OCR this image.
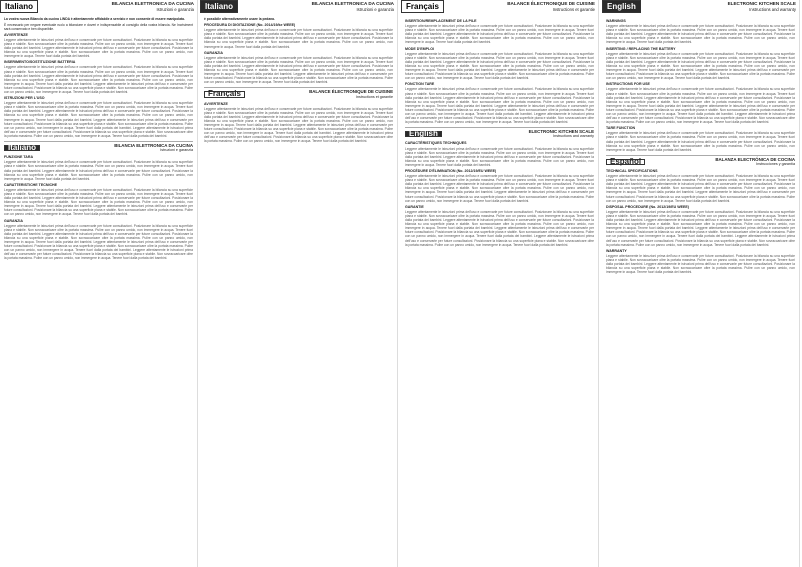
Italiano	BILANCIA ELETTRONICA DA CUCINA
Istruzioni e garanzia

La vostra nuova Bilancia da cucina LINDA è attentamente affidabile a servizio e non consente di essere manipolata.

È necessario per negare eventuale ruolo a bilanciare e doveri e indispensabile al consiglio della vostra bilancia. Ne Incrisiment sarà conservato e ben disponibile.

AVVERTENZE

Leggere attentamente le istruzioni prima dell'uso e conservarle per future consultazioni. Posizionare la bilancia su una superficie piana e stabile. Non sovraccaricare oltre la portata massima. Pulire con un panno umido, non immergere in acqua. Tenere fuori dalla portata dei bambini. Leggere attentamente le istruzioni prima dell'uso e conservarle per future consultazioni. Posizionare la bilancia su una superficie piana e stabile. Non sovraccaricare oltre la portata massima. Pulire con un panno umido, non immergere in acqua. Tenere fuori dalla portata dei bambini.

INSERIMENTO/SOSTITUZIONE BATTERIA

Leggere attentamente le istruzioni prima dell'uso e conservarle per future consultazioni. Posizionare la bilancia su una superficie piana e stabile. Non sovraccaricare oltre la portata massima. Pulire con un panno umido, non immergere in acqua. Tenere fuori dalla portata dei bambini. Leggere attentamente le istruzioni prima dell'uso e conservarle per future consultazioni. Posizionare la bilancia su una superficie piana e stabile. Non sovraccaricare oltre la portata massima. Pulire con un panno umido, non immergere in acqua. Tenere fuori dalla portata dei bambini. Leggere attentamente le istruzioni prima dell'uso e conservarle per future consultazioni. Posizionare la bilancia su una superficie piana e stabile. Non sovraccaricare oltre la portata massima. Pulire con un panno umido, non immergere in acqua. Tenere fuori dalla portata dei bambini.

ISTRUZIONI PER L'USO

Leggere attentamente le istruzioni prima dell'uso e conservarle per future consultazioni. Posizionare la bilancia su una superficie piana e stabile. Non sovraccaricare oltre la portata massima. Pulire con un panno umido, non immergere in acqua. Tenere fuori dalla portata dei bambini. Leggere attentamente le istruzioni prima dell'uso e conservarle per future consultazioni. Posizionare la bilancia su una superficie piana e stabile. Non sovraccaricare oltre la portata massima. Pulire con un panno umido, non immergere in acqua. Tenere fuori dalla portata dei bambini. Leggere attentamente le istruzioni prima dell'uso e conservarle per future consultazioni. Posizionare la bilancia su una superficie piana e stabile. Non sovraccaricare oltre la portata massima. Pulire con un panno umido, non immergere in acqua. Tenere fuori dalla portata dei bambini. Leggere attentamente le istruzioni prima dell'uso e conservarle per future consultazioni. Posizionare la bilancia su una superficie piana e stabile. Non sovraccaricare oltre la portata massima. Pulire con un panno umido, non immergere in acqua. Tenere fuori dalla portata dei bambini.

Italiano	BILANCIA ELETTRONICA DA CUCINA
Istruzioni e garanzia
FUNZIONE TARA

Leggere attentamente le istruzioni prima dell'uso e conservarle per future consultazioni. Posizionare la bilancia su una superficie piana e stabile. Non sovraccaricare oltre la portata massima. Pulire con un panno umido, non immergere in acqua. Tenere fuori dalla portata dei bambini. Leggere attentamente le istruzioni prima dell'uso e conservarle per future consultazioni. Posizionare la bilancia su una superficie piana e stabile. Non sovraccaricare oltre la portata massima. Pulire con un panno umido, non immergere in acqua. Tenere fuori dalla portata dei bambini.

CARATTERISTICHE TECNICHE

Leggere attentamente le istruzioni prima dell'uso e conservarle per future consultazioni. Posizionare la bilancia su una superficie piana e stabile. Non sovraccaricare oltre la portata massima. Pulire con un panno umido, non immergere in acqua. Tenere fuori dalla portata dei bambini. Leggere attentamente le istruzioni prima dell'uso e conservarle per future consultazioni. Posizionare la bilancia su una superficie piana e stabile. Non sovraccaricare oltre la portata massima. Pulire con un panno umido, non immergere in acqua. Tenere fuori dalla portata dei bambini. Leggere attentamente le istruzioni prima dell'uso e conservarle per future consultazioni. Posizionare la bilancia su una superficie piana e stabile. Non sovraccaricare oltre la portata massima. Pulire con un panno umido, non immergere in acqua. Tenere fuori dalla portata dei bambini.

GARANZIA

Leggere attentamente le istruzioni prima dell'uso e conservarle per future consultazioni. Posizionare la bilancia su una superficie piana e stabile. Non sovraccaricare oltre la portata massima. Pulire con un panno umido, non immergere in acqua. Tenere fuori dalla portata dei bambini. Leggere attentamente le istruzioni prima dell'uso e conservarle per future consultazioni. Posizionare la bilancia su una superficie piana e stabile. Non sovraccaricare oltre la portata massima. Pulire con un panno umido, non immergere in acqua. Tenere fuori dalla portata dei bambini. Leggere attentamente le istruzioni prima dell'uso e conservarle per future consultazioni. Posizionare la bilancia su una superficie piana e stabile. Non sovraccaricare oltre la portata massima. Pulire con un panno umido, non immergere in acqua. Tenere fuori dalla portata dei bambini. Leggere attentamente le istruzioni prima dell'uso e conservarle per future consultazioni. Posizionare la bilancia su una superficie piana e stabile. Non sovraccaricare oltre la portata massima. Pulire con un panno umido, non immergere in acqua. Tenere fuori dalla portata dei bambini.

Italiano	BILANCIA ELETTRONICA DA CUCINA
Istruzioni e garanzia

è possibile alternativamente usare la pedana.

PROCEDURA DI DIGITAZIONE (No. 2014/19/ke WEEE)

Leggere attentamente le istruzioni prima dell'uso e conservarle per future consultazioni. Posizionare la bilancia su una superficie piana e stabile. Non sovraccaricare oltre la portata massima. Pulire con un panno umido, non immergere in acqua. Tenere fuori dalla portata dei bambini. Leggere attentamente le istruzioni prima dell'uso e conservarle per future consultazioni. Posizionare la bilancia su una superficie piana e stabile. Non sovraccaricare oltre la portata massima. Pulire con un panno umido, non immergere in acqua. Tenere fuori dalla portata dei bambini.

GARANZIA

Leggere attentamente le istruzioni prima dell'uso e conservarle per future consultazioni. Posizionare la bilancia su una superficie piana e stabile. Non sovraccaricare oltre la portata massima. Pulire con un panno umido, non immergere in acqua. Tenere fuori dalla portata dei bambini. Leggere attentamente le istruzioni prima dell'uso e conservarle per future consultazioni. Posizionare la bilancia su una superficie piana e stabile. Non sovraccaricare oltre la portata massima. Pulire con un panno umido, non immergere in acqua. Tenere fuori dalla portata dei bambini. Leggere attentamente le istruzioni prima dell'uso e conservarle per future consultazioni. Posizionare la bilancia su una superficie piana e stabile. Non sovraccaricare oltre la portata massima. Pulire con un panno umido, non immergere in acqua. Tenere fuori dalla portata dei bambini.

Français	BALANCE ÉLECTRONIQUE DE CUISINE
Instructions et garantie
AVVERTENZE

Leggere attentamente le istruzioni prima dell'uso e conservarle per future consultazioni. Posizionare la bilancia su una superficie piana e stabile. Non sovraccaricare oltre la portata massima. Pulire con un panno umido, non immergere in acqua. Tenere fuori dalla portata dei bambini. Leggere attentamente le istruzioni prima dell'uso e conservarle per future consultazioni. Posizionare la bilancia su una superficie piana e stabile. Non sovraccaricare oltre la portata massima. Pulire con un panno umido, non immergere in acqua. Tenere fuori dalla portata dei bambini. Leggere attentamente le istruzioni prima dell'uso e conservarle per future consultazioni. Posizionare la bilancia su una superficie piana e stabile. Non sovraccaricare oltre la portata massima. Pulire con un panno umido, non immergere in acqua. Tenere fuori dalla portata dei bambini. Leggere attentamente le istruzioni prima dell'uso e conservarle per future consultazioni. Posizionare la bilancia su una superficie piana e stabile. Non sovraccaricare oltre la portata massima. Pulire con un panno umido, non immergere in acqua. Tenere fuori dalla portata dei bambini.

Français	BALANCE ÉLECTRONIQUE DE CUISINE
Instructions et garantie
INSERTION/REMPLACEMENT DE LA PILE

Leggere attentamente le istruzioni prima dell'uso e conservarle per future consultazioni. Posizionare la bilancia su una superficie piana e stabile. Non sovraccaricare oltre la portata massima. Pulire con un panno umido, non immergere in acqua. Tenere fuori dalla portata dei bambini. Leggere attentamente le istruzioni prima dell'uso e conservarle per future consultazioni. Posizionare la bilancia su una superficie piana e stabile. Non sovraccaricare oltre la portata massima. Pulire con un panno umido, non immergere in acqua. Tenere fuori dalla portata dei bambini.

MODE D'EMPLOI

Leggere attentamente le istruzioni prima dell'uso e conservarle per future consultazioni. Posizionare la bilancia su una superficie piana e stabile. Non sovraccaricare oltre la portata massima. Pulire con un panno umido, non immergere in acqua. Tenere fuori dalla portata dei bambini. Leggere attentamente le istruzioni prima dell'uso e conservarle per future consultazioni. Posizionare la bilancia su una superficie piana e stabile. Non sovraccaricare oltre la portata massima. Pulire con un panno umido, non immergere in acqua. Tenere fuori dalla portata dei bambini. Leggere attentamente le istruzioni prima dell'uso e conservarle per future consultazioni. Posizionare la bilancia su una superficie piana e stabile. Non sovraccaricare oltre la portata massima. Pulire con un panno umido, non immergere in acqua. Tenere fuori dalla portata dei bambini.

FONCTION TARE

Leggere attentamente le istruzioni prima dell'uso e conservarle per future consultazioni. Posizionare la bilancia su una superficie piana e stabile. Non sovraccaricare oltre la portata massima. Pulire con un panno umido, non immergere in acqua. Tenere fuori dalla portata dei bambini. Leggere attentamente le istruzioni prima dell'uso e conservarle per future consultazioni. Posizionare la bilancia su una superficie piana e stabile. Non sovraccaricare oltre la portata massima. Pulire con un panno umido, non immergere in acqua. Tenere fuori dalla portata dei bambini. Leggere attentamente le istruzioni prima dell'uso e conservarle per future consultazioni. Posizionare la bilancia su una superficie piana e stabile. Non sovraccaricare oltre la portata massima. Pulire con un panno umido, non immergere in acqua. Tenere fuori dalla portata dei bambini. Leggere attentamente le istruzioni prima dell'uso e conservarle per future consultazioni. Posizionare la bilancia su una superficie piana e stabile. Non sovraccaricare oltre la portata massima. Pulire con un panno umido, non immergere in acqua. Tenere fuori dalla portata dei bambini.

English	ELECTRONIC KITCHEN SCALE
Instructions and warranty
CARACTÉRISTIQUES TECHNIQUES

Leggere attentamente le istruzioni prima dell'uso e conservarle per future consultazioni. Posizionare la bilancia su una superficie piana e stabile. Non sovraccaricare oltre la portata massima. Pulire con un panno umido, non immergere in acqua. Tenere fuori dalla portata dei bambini. Leggere attentamente le istruzioni prima dell'uso e conservarle per future consultazioni. Posizionare la bilancia su una superficie piana e stabile. Non sovraccaricare oltre la portata massima. Pulire con un panno umido, non immergere in acqua. Tenere fuori dalla portata dei bambini.

PROCÉDURE D'ÉLIMINATION (No. 2012/19/EU WEEE)

Leggere attentamente le istruzioni prima dell'uso e conservarle per future consultazioni. Posizionare la bilancia su una superficie piana e stabile. Non sovraccaricare oltre la portata massima. Pulire con un panno umido, non immergere in acqua. Tenere fuori dalla portata dei bambini. Leggere attentamente le istruzioni prima dell'uso e conservarle per future consultazioni. Posizionare la bilancia su una superficie piana e stabile. Non sovraccaricare oltre la portata massima. Pulire con un panno umido, non immergere in acqua. Tenere fuori dalla portata dei bambini. Leggere attentamente le istruzioni prima dell'uso e conservarle per future consultazioni. Posizionare la bilancia su una superficie piana e stabile. Non sovraccaricare oltre la portata massima. Pulire con un panno umido, non immergere in acqua. Tenere fuori dalla portata dei bambini.

GARANTIE

Leggere attentamente le istruzioni prima dell'uso e conservarle per future consultazioni. Posizionare la bilancia su una superficie piana e stabile. Non sovraccaricare oltre la portata massima. Pulire con un panno umido, non immergere in acqua. Tenere fuori dalla portata dei bambini. Leggere attentamente le istruzioni prima dell'uso e conservarle per future consultazioni. Posizionare la bilancia su una superficie piana e stabile. Non sovraccaricare oltre la portata massima. Pulire con un panno umido, non immergere in acqua. Tenere fuori dalla portata dei bambini. Leggere attentamente le istruzioni prima dell'uso e conservarle per future consultazioni. Posizionare la bilancia su una superficie piana e stabile. Non sovraccaricare oltre la portata massima. Pulire con un panno umido, non immergere in acqua. Tenere fuori dalla portata dei bambini. Leggere attentamente le istruzioni prima dell'uso e conservarle per future consultazioni. Posizionare la bilancia su una superficie piana e stabile. Non sovraccaricare oltre la portata massima. Pulire con un panno umido, non immergere in acqua. Tenere fuori dalla portata dei bambini.

English	ELECTRONIC KITCHEN SCALE
Instructions and warranty
WARNINGS

Leggere attentamente le istruzioni prima dell'uso e conservarle per future consultazioni. Posizionare la bilancia su una superficie piana e stabile. Non sovraccaricare oltre la portata massima. Pulire con un panno umido, non immergere in acqua. Tenere fuori dalla portata dei bambini. Leggere attentamente le istruzioni prima dell'uso e conservarle per future consultazioni. Posizionare la bilancia su una superficie piana e stabile. Non sovraccaricare oltre la portata massima. Pulire con un panno umido, non immergere in acqua. Tenere fuori dalla portata dei bambini.

INSERTING / REPLACING THE BATTERY

Leggere attentamente le istruzioni prima dell'uso e conservarle per future consultazioni. Posizionare la bilancia su una superficie piana e stabile. Non sovraccaricare oltre la portata massima. Pulire con un panno umido, non immergere in acqua. Tenere fuori dalla portata dei bambini. Leggere attentamente le istruzioni prima dell'uso e conservarle per future consultazioni. Posizionare la bilancia su una superficie piana e stabile. Non sovraccaricare oltre la portata massima. Pulire con un panno umido, non immergere in acqua. Tenere fuori dalla portata dei bambini. Leggere attentamente le istruzioni prima dell'uso e conservarle per future consultazioni. Posizionare la bilancia su una superficie piana e stabile. Non sovraccaricare oltre la portata massima. Pulire con un panno umido, non immergere in acqua. Tenere fuori dalla portata dei bambini.

INSTRUCTIONS FOR USE

Leggere attentamente le istruzioni prima dell'uso e conservarle per future consultazioni. Posizionare la bilancia su una superficie piana e stabile. Non sovraccaricare oltre la portata massima. Pulire con un panno umido, non immergere in acqua. Tenere fuori dalla portata dei bambini. Leggere attentamente le istruzioni prima dell'uso e conservarle per future consultazioni. Posizionare la bilancia su una superficie piana e stabile. Non sovraccaricare oltre la portata massima. Pulire con un panno umido, non immergere in acqua. Tenere fuori dalla portata dei bambini. Leggere attentamente le istruzioni prima dell'uso e conservarle per future consultazioni. Posizionare la bilancia su una superficie piana e stabile. Non sovraccaricare oltre la portata massima. Pulire con un panno umido, non immergere in acqua. Tenere fuori dalla portata dei bambini. Leggere attentamente le istruzioni prima dell'uso e conservarle per future consultazioni. Posizionare la bilancia su una superficie piana e stabile. Non sovraccaricare oltre la portata massima. Pulire con un panno umido, non immergere in acqua. Tenere fuori dalla portata dei bambini.

TARE FUNCTION

Leggere attentamente le istruzioni prima dell'uso e conservarle per future consultazioni. Posizionare la bilancia su una superficie piana e stabile. Non sovraccaricare oltre la portata massima. Pulire con un panno umido, non immergere in acqua. Tenere fuori dalla portata dei bambini. Leggere attentamente le istruzioni prima dell'uso e conservarle per future consultazioni. Posizionare la bilancia su una superficie piana e stabile. Non sovraccaricare oltre la portata massima. Pulire con un panno umido, non immergere in acqua. Tenere fuori dalla portata dei bambini.

Español	BALANZA ELECTRÓNICA DE COCINA
Instrucciones y garantía
TECHNICAL SPECIFICATIONS

Leggere attentamente le istruzioni prima dell'uso e conservarle per future consultazioni. Posizionare la bilancia su una superficie piana e stabile. Non sovraccaricare oltre la portata massima. Pulire con un panno umido, non immergere in acqua. Tenere fuori dalla portata dei bambini. Leggere attentamente le istruzioni prima dell'uso e conservarle per future consultazioni. Posizionare la bilancia su una superficie piana e stabile. Non sovraccaricare oltre la portata massima. Pulire con un panno umido, non immergere in acqua. Tenere fuori dalla portata dei bambini. Leggere attentamente le istruzioni prima dell'uso e conservarle per future consultazioni. Posizionare la bilancia su una superficie piana e stabile. Non sovraccaricare oltre la portata massima. Pulire con un panno umido, non immergere in acqua. Tenere fuori dalla portata dei bambini.

DISPOSAL PROCEDURE (No. 2012/19/EU WEEE)

Leggere attentamente le istruzioni prima dell'uso e conservarle per future consultazioni. Posizionare la bilancia su una superficie piana e stabile. Non sovraccaricare oltre la portata massima. Pulire con un panno umido, non immergere in acqua. Tenere fuori dalla portata dei bambini. Leggere attentamente le istruzioni prima dell'uso e conservarle per future consultazioni. Posizionare la bilancia su una superficie piana e stabile. Non sovraccaricare oltre la portata massima. Pulire con un panno umido, non immergere in acqua. Tenere fuori dalla portata dei bambini. Leggere attentamente le istruzioni prima dell'uso e conservarle per future consultazioni. Posizionare la bilancia su una superficie piana e stabile. Non sovraccaricare oltre la portata massima. Pulire con un panno umido, non immergere in acqua. Tenere fuori dalla portata dei bambini. Leggere attentamente le istruzioni prima dell'uso e conservarle per future consultazioni. Posizionare la bilancia su una superficie piana e stabile. Non sovraccaricare oltre la portata massima. Pulire con un panno umido, non immergere in acqua. Tenere fuori dalla portata dei bambini.

WARRANTY

Leggere attentamente le istruzioni prima dell'uso e conservarle per future consultazioni. Posizionare la bilancia su una superficie piana e stabile. Non sovraccaricare oltre la portata massima. Pulire con un panno umido, non immergere in acqua. Tenere fuori dalla portata dei bambini. Leggere attentamente le istruzioni prima dell'uso e conservarle per future consultazioni. Posizionare la bilancia su una superficie piana e stabile. Non sovraccaricare oltre la portata massima. Pulire con un panno umido, non immergere in acqua. Tenere fuori dalla portata dei bambini.
